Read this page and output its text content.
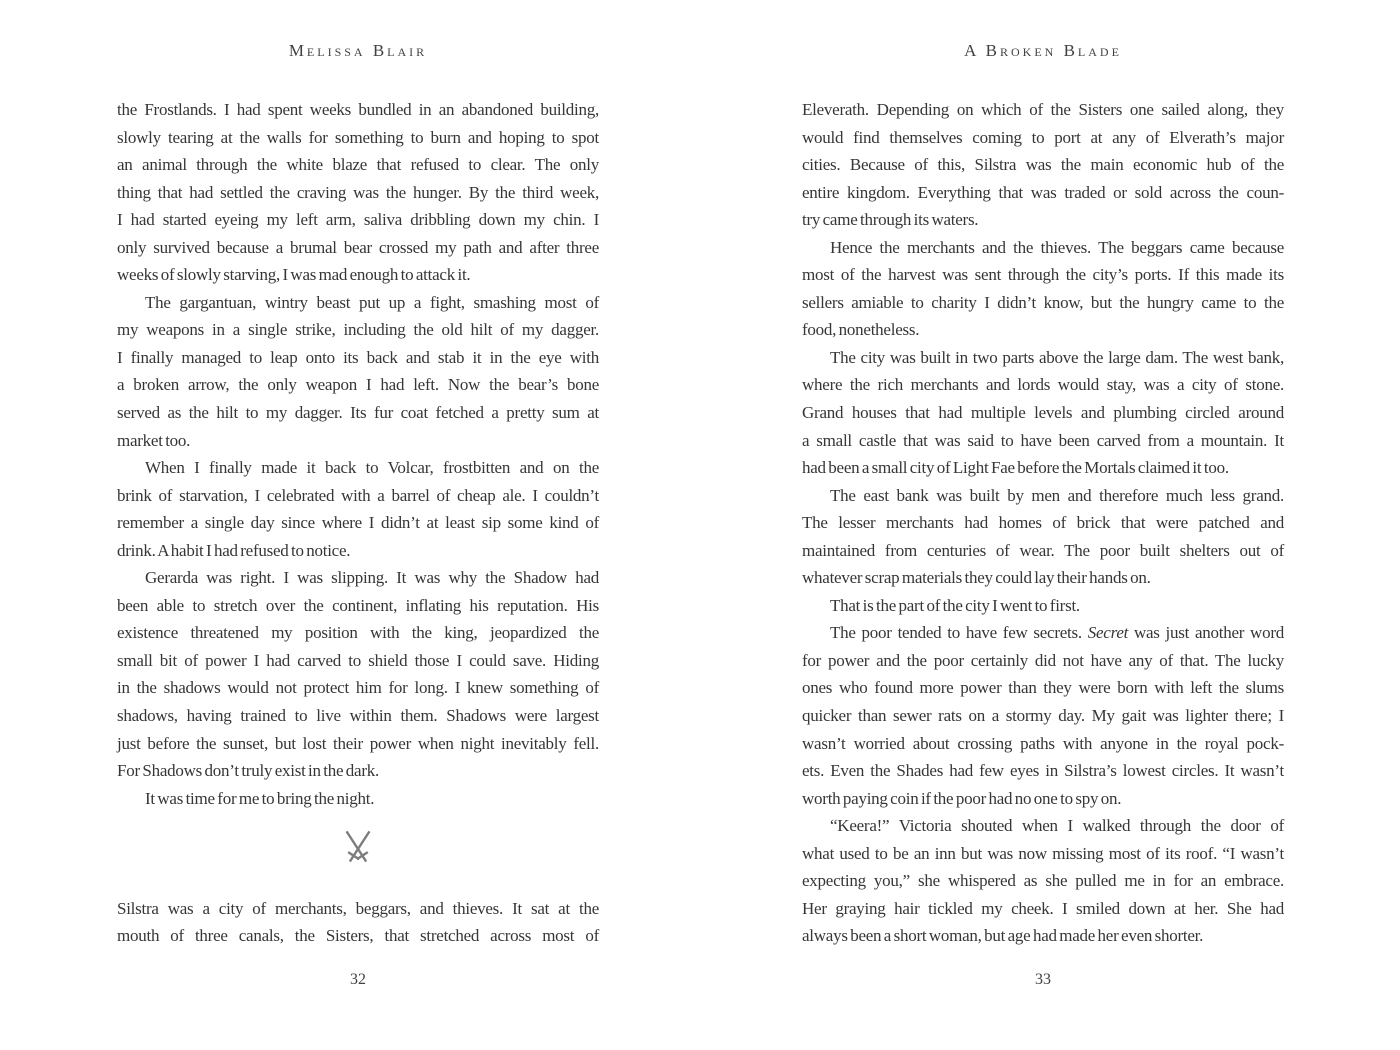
Melissa Blair
the Frostlands. I had spent weeks bundled in an abandoned building,
slowly tearing at the walls for something to burn and hoping to spot
an animal through the white blaze that refused to clear. The only
thing that had settled the craving was the hunger. By the third week,
I had started eyeing my left arm, saliva dribbling down my chin. I
only survived because a brumal bear crossed my path and after three
weeks of slowly starving, I was mad enough to attack it.
The gargantuan, wintry beast put up a fight, smashing most of
my weapons in a single strike, including the old hilt of my dagger.
I finally managed to leap onto its back and stab it in the eye with
a broken arrow, the only weapon I had left. Now the bear’s bone
served as the hilt to my dagger. Its fur coat fetched a pretty sum at
market too.
When I finally made it back to Volcar, frostbitten and on the
brink of starvation, I celebrated with a barrel of cheap ale. I couldn’t
remember a single day since where I didn’t at least sip some kind of
drink. A habit I had refused to notice.
Gerarda was right. I was slipping. It was why the Shadow had
been able to stretch over the continent, inflating his reputation. His
existence threatened my position with the king, jeopardized the
small bit of power I had carved to shield those I could save. Hiding
in the shadows would not protect him for long. I knew something of
shadows, having trained to live within them. Shadows were largest
just before the sunset, but lost their power when night inevitably fell.
For Shadows don’t truly exist in the dark.
It was time for me to bring the night.
Silstra was a city of merchants, beggars, and thieves. It sat at the
mouth of three canals, the Sisters, that stretched across most of
32
A Broken Blade
Eleverath. Depending on which of the Sisters one sailed along, they
would find themselves coming to port at any of Elverath’s major
cities. Because of this, Silstra was the main economic hub of the
entire kingdom. Everything that was traded or sold across the coun-
try came through its waters.
Hence the merchants and the thieves. The beggars came because
most of the harvest was sent through the city’s ports. If this made its
sellers amiable to charity I didn’t know, but the hungry came to the
food, nonetheless.
The city was built in two parts above the large dam. The west bank,
where the rich merchants and lords would stay, was a city of stone.
Grand houses that had multiple levels and plumbing circled around
a small castle that was said to have been carved from a mountain. It
had been a small city of Light Fae before the Mortals claimed it too.
The east bank was built by men and therefore much less grand.
The lesser merchants had homes of brick that were patched and
maintained from centuries of wear. The poor built shelters out of
whatever scrap materials they could lay their hands on.
That is the part of the city I went to first.
The poor tended to have few secrets. Secret was just another word
for power and the poor certainly did not have any of that. The lucky
ones who found more power than they were born with left the slums
quicker than sewer rats on a stormy day. My gait was lighter there; I
wasn’t worried about crossing paths with anyone in the royal pock-
ets. Even the Shades had few eyes in Silstra’s lowest circles. It wasn’t
worth paying coin if the poor had no one to spy on.
“Keera!” Victoria shouted when I walked through the door of
what used to be an inn but was now missing most of its roof. “I wasn’t
expecting you,” she whispered as she pulled me in for an embrace.
Her graying hair tickled my cheek. I smiled down at her. She had
always been a short woman, but age had made her even shorter.
33
